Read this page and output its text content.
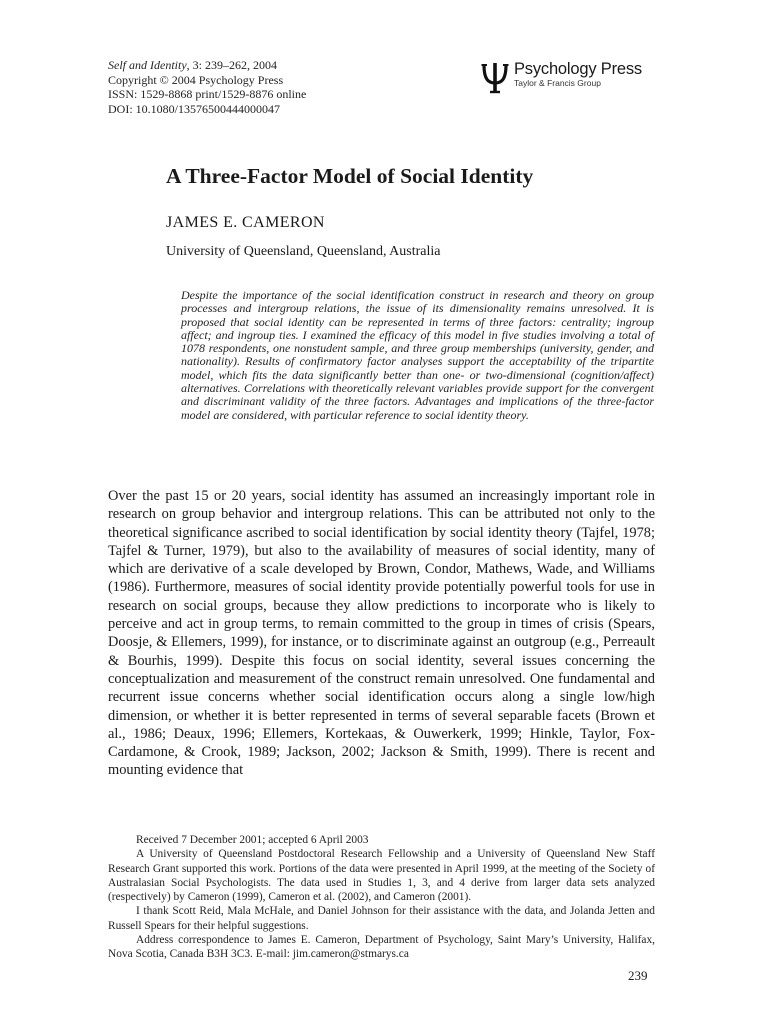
Self and Identity, 3: 239–262, 2004
Copyright © 2004 Psychology Press
ISSN: 1529-8868 print/1529-8876 online
DOI: 10.1080/13576500444000047
Psychology Press
Taylor & Francis Group
A Three-Factor Model of Social Identity
JAMES E. CAMERON
University of Queensland, Queensland, Australia

Despite the importance of the social identification construct in research and theory on group processes and intergroup relations, the issue of its dimensionality remains unresolved. It is proposed that social identity can be represented in terms of three factors: centrality; ingroup affect; and ingroup ties. I examined the efficacy of this model in five studies involving a total of 1078 respondents, one nonstudent sample, and three group memberships (university, gender, and nationality). Results of confirmatory factor analyses support the acceptability of the tripartite model, which fits the data significantly better than one- or two-dimensional (cognition/affect) alternatives. Correlations with theoretically relevant variables provide support for the convergent and discriminant validity of the three factors. Advantages and implications of the three-factor model are considered, with particular reference to social identity theory.

Over the past 15 or 20 years, social identity has assumed an increasingly important role in research on group behavior and intergroup relations. This can be attributed not only to the theoretical significance ascribed to social identification by social identity theory (Tajfel, 1978; Tajfel & Turner, 1979), but also to the availability of measures of social identity, many of which are derivative of a scale developed by Brown, Condor, Mathews, Wade, and Williams (1986). Furthermore, measures of social identity provide potentially powerful tools for use in research on social groups, because they allow predictions to incorporate who is likely to perceive and act in group terms, to remain committed to the group in times of crisis (Spears, Doosje, & Ellemers, 1999), for instance, or to discriminate against an outgroup (e.g., Perreault & Bourhis, 1999). Despite this focus on social identity, several issues concerning the conceptualization and measurement of the construct remain unresolved. One fundamental and recurrent issue concerns whether social identification occurs along a single low/high dimension, or whether it is better represented in terms of several separable facets (Brown et al., 1986; Deaux, 1996; Ellemers, Kortekaas, & Ouwerkerk, 1999; Hinkle, Taylor, Fox-Cardamone, & Crook, 1989; Jackson, 2002; Jackson & Smith, 1999). There is recent and mounting evidence that

Received 7 December 2001; accepted 6 April 2003

A University of Queensland Postdoctoral Research Fellowship and a University of Queensland New Staff Research Grant supported this work. Portions of the data were presented in April 1999, at the meeting of the Society of Australasian Social Psychologists. The data used in Studies 1, 3, and 4 derive from larger data sets analyzed (respectively) by Cameron (1999), Cameron et al. (2002), and Cameron (2001).

I thank Scott Reid, Mala McHale, and Daniel Johnson for their assistance with the data, and Jolanda Jetten and Russell Spears for their helpful suggestions.

Address correspondence to James E. Cameron, Department of Psychology, Saint Mary’s University, Halifax, Nova Scotia, Canada B3H 3C3. E-mail: jim.cameron@stmarys.ca

239
